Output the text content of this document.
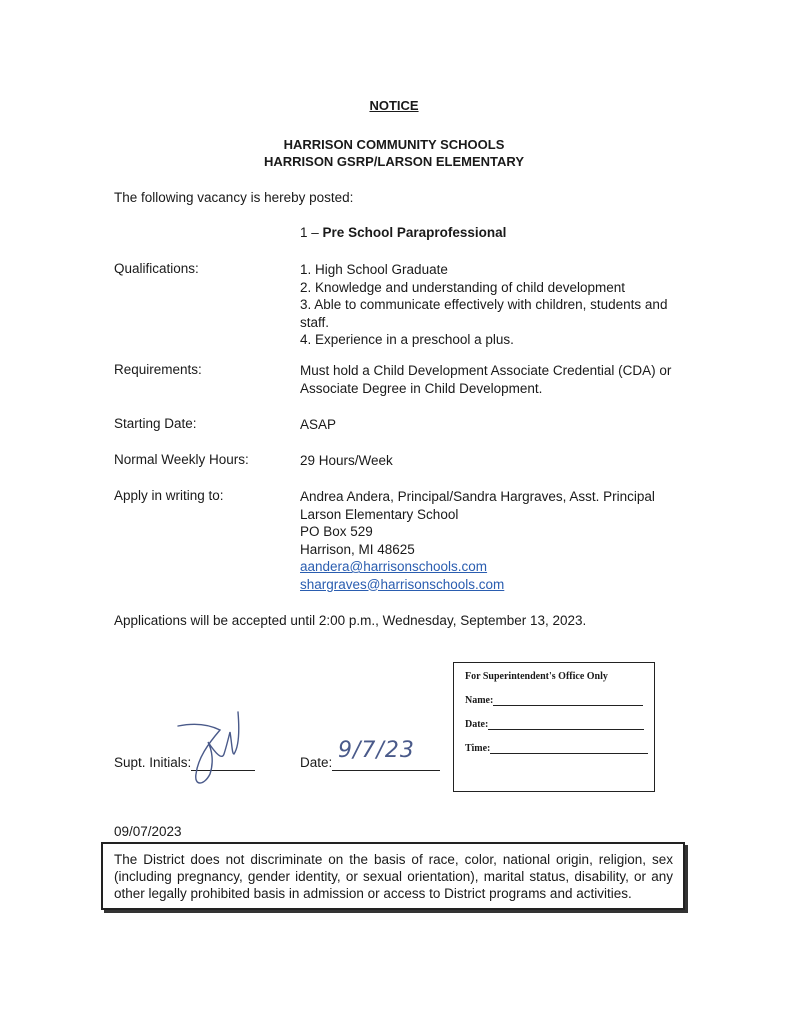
NOTICE
HARRISON COMMUNITY SCHOOLS
HARRISON GSRP/LARSON ELEMENTARY
The following vacancy is hereby posted:
1 – Pre School Paraprofessional
Qualifications:	1. High School Graduate
2. Knowledge and understanding of child development
3. Able to communicate effectively with children, students and
staff.
4. Experience in a preschool a plus.
Requirements:	Must hold a Child Development Associate Credential (CDA) or
Associate Degree in Child Development.
Starting Date:	ASAP
Normal Weekly Hours:	29 Hours/Week
Apply in writing to:	Andrea Andera, Principal/Sandra Hargraves, Asst. Principal
Larson Elementary School
PO Box 529
Harrison, MI 48625
aandera@harrisonschools.com
shargraves@harrisonschools.com
Applications will be accepted until 2:00 p.m., Wednesday, September 13, 2023.
Supt. Initials:	Date: 9/7/23
For Superintendent's Office Only
Name:
Date:
Time:
09/07/2023
The District does not discriminate on the basis of race, color, national origin, religion, sex (including pregnancy, gender identity, or sexual orientation), marital status, disability, or any other legally prohibited basis in admission or access to District programs and activities.
